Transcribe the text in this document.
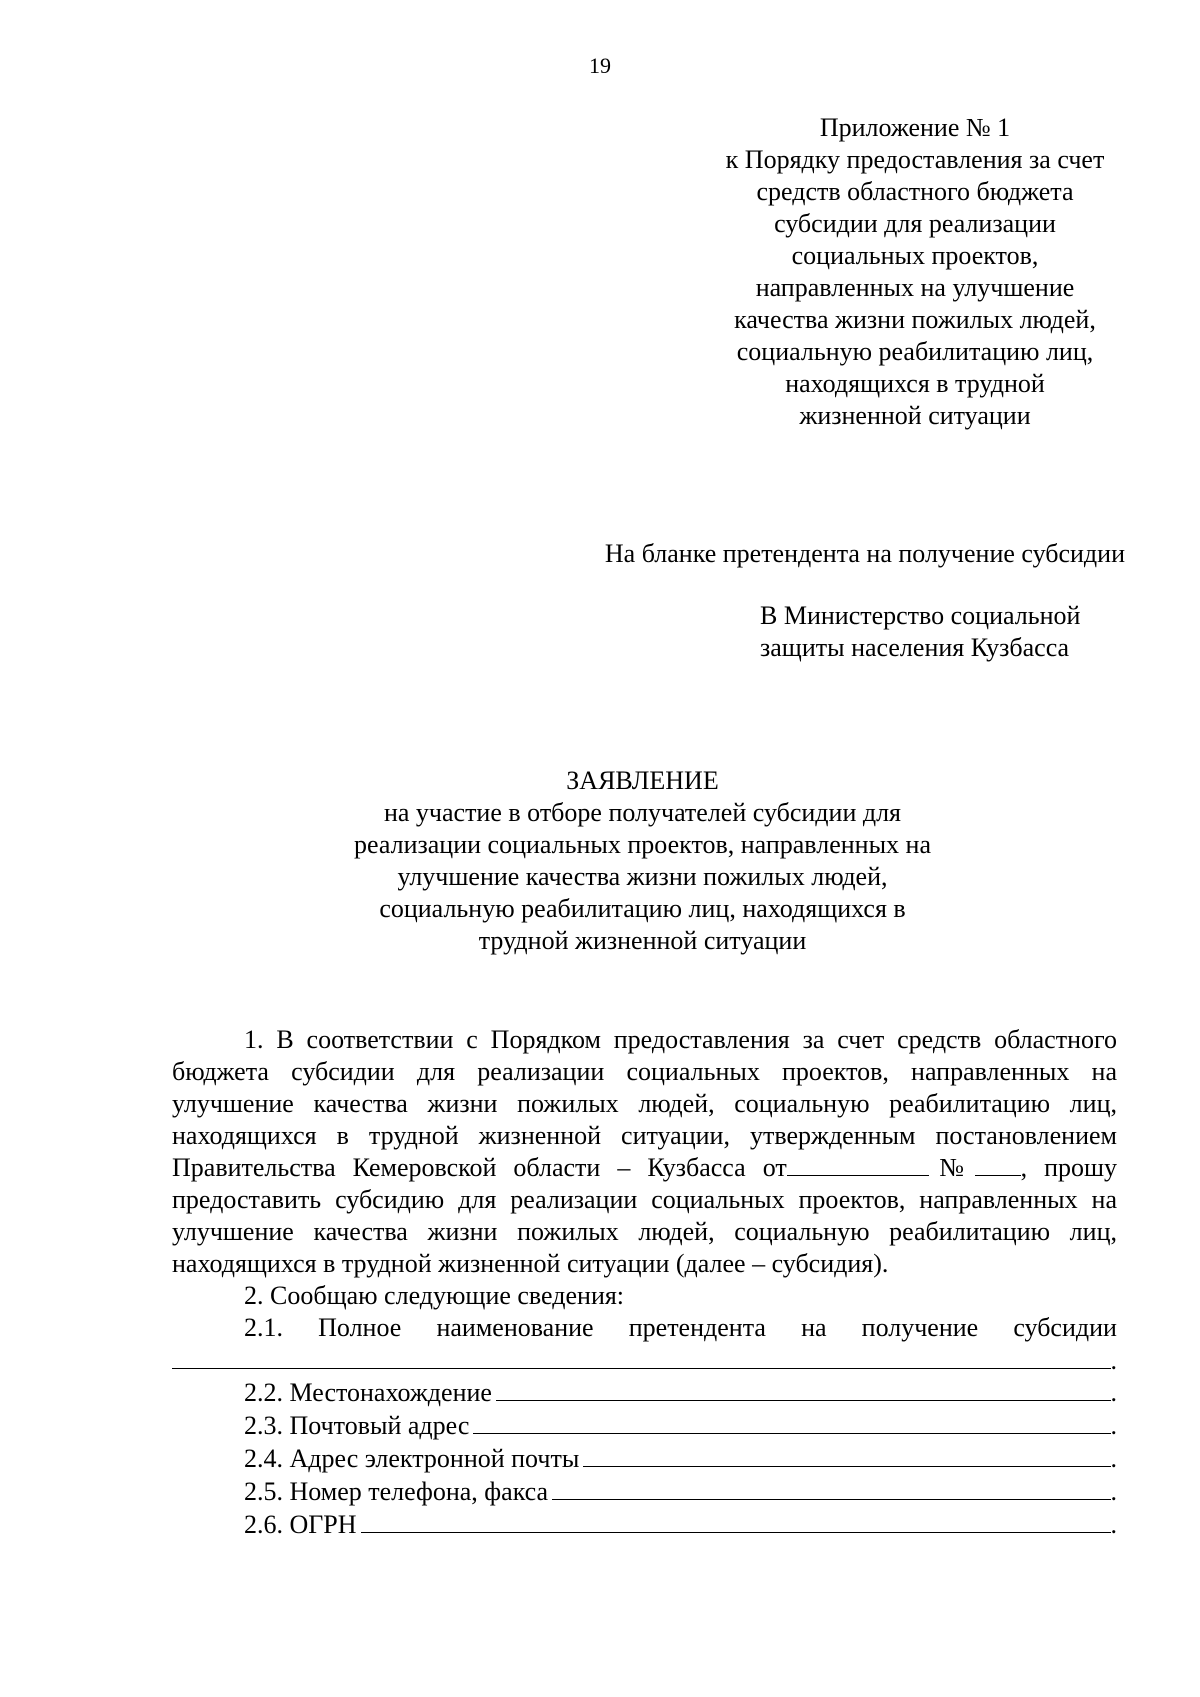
19
Приложение № 1
к Порядку предоставления за счет
средств областного бюджета
субсидии для реализации
социальных проектов,
направленных на улучшение
качества жизни пожилых людей,
социальную реабилитацию лиц,
находящихся в трудной
жизненной ситуации
На бланке претендента на получение субсидии
В Министерство социальной
защиты населения Кузбасса
ЗАЯВЛЕНИЕ
на участие в отборе получателей субсидии для
реализации социальных проектов, направленных на
улучшение качества жизни пожилых людей,
социальную реабилитацию лиц, находящихся в
трудной жизненной ситуации

1. В соответствии с Порядком предоставления за счет средств областного бюджета субсидии для реализации социальных проектов, направленных на улучшение качества жизни пожилых людей, социальную реабилитацию лиц, находящихся в трудной жизненной ситуации, утвержденным постановлением Правительства Кемеровской области – Кузбасса от	№ , прошу предоставить субсидию для реализации социальных проектов, направленных на улучшение качества жизни пожилых людей, социальную реабилитацию лиц, находящихся в трудной жизненной ситуации (далее – субсидия).

2. Сообщаю следующие сведения:
2.1. Полное наименование претендента на получение субсидии
.
2.2. Местонахождение	.
2.3. Почтовый адрес	.
2.4. Адрес электронной почты	.
2.5. Номер телефона, факса	.
2.6. ОГРН	.
